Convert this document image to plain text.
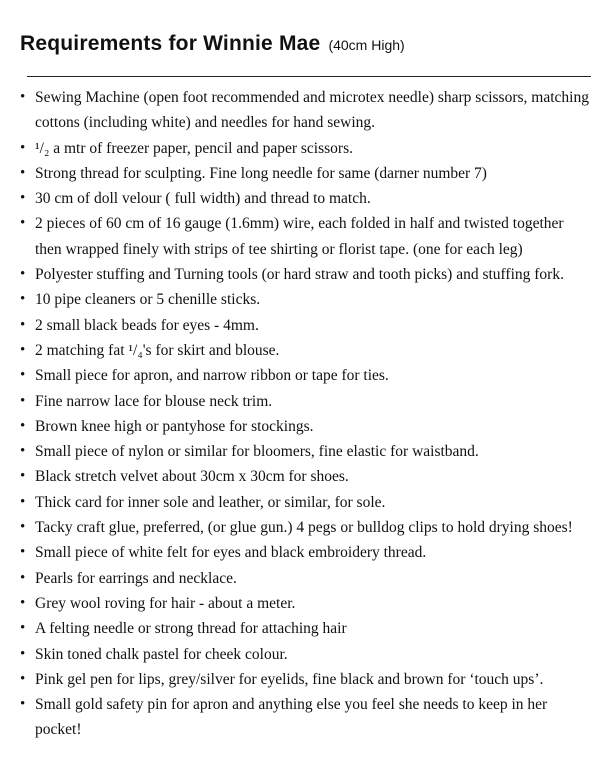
Requirements for Winnie Mae (40cm High)
• Sewing Machine (open foot recommended and microtex needle) sharp scissors, matching cottons (including white) and needles for hand sewing.
• ¹/₂ a mtr of freezer paper, pencil and paper scissors.
• Strong thread for sculpting. Fine long needle for same (darner number 7)
• 30 cm of doll velour ( full width) and thread to match.
• 2 pieces of 60 cm of 16 gauge (1.6mm) wire, each folded in half and twisted together then wrapped finely with strips of tee shirting or florist tape. (one for each leg)
• Polyester stuffing and Turning tools (or hard straw and tooth picks) and stuffing fork.
• 10 pipe cleaners or 5 chenille sticks.
• 2 small black beads for eyes - 4mm.
• 2 matching fat ¹/₄'s for skirt and blouse.
• Small piece for apron, and narrow ribbon or tape for ties.
• Fine narrow lace for blouse neck trim.
• Brown knee high or pantyhose for stockings.
• Small piece of nylon or similar for bloomers, fine elastic for waistband.
• Black stretch velvet about 30cm x 30cm for shoes.
• Thick card for inner sole and leather, or similar, for sole.
• Tacky craft glue, preferred, (or glue gun.) 4 pegs or bulldog clips to hold drying shoes!
• Small piece of white felt for eyes and black embroidery thread.
• Pearls for earrings and necklace.
• Grey wool roving for hair - about a meter.
• A felting needle or strong thread for attaching hair
• Skin toned chalk pastel for cheek colour.
• Pink gel pen for lips, grey/silver for eyelids, fine black and brown for ‘touch ups’.
• Small gold safety pin for apron and anything else you feel she needs to keep in her pocket!
